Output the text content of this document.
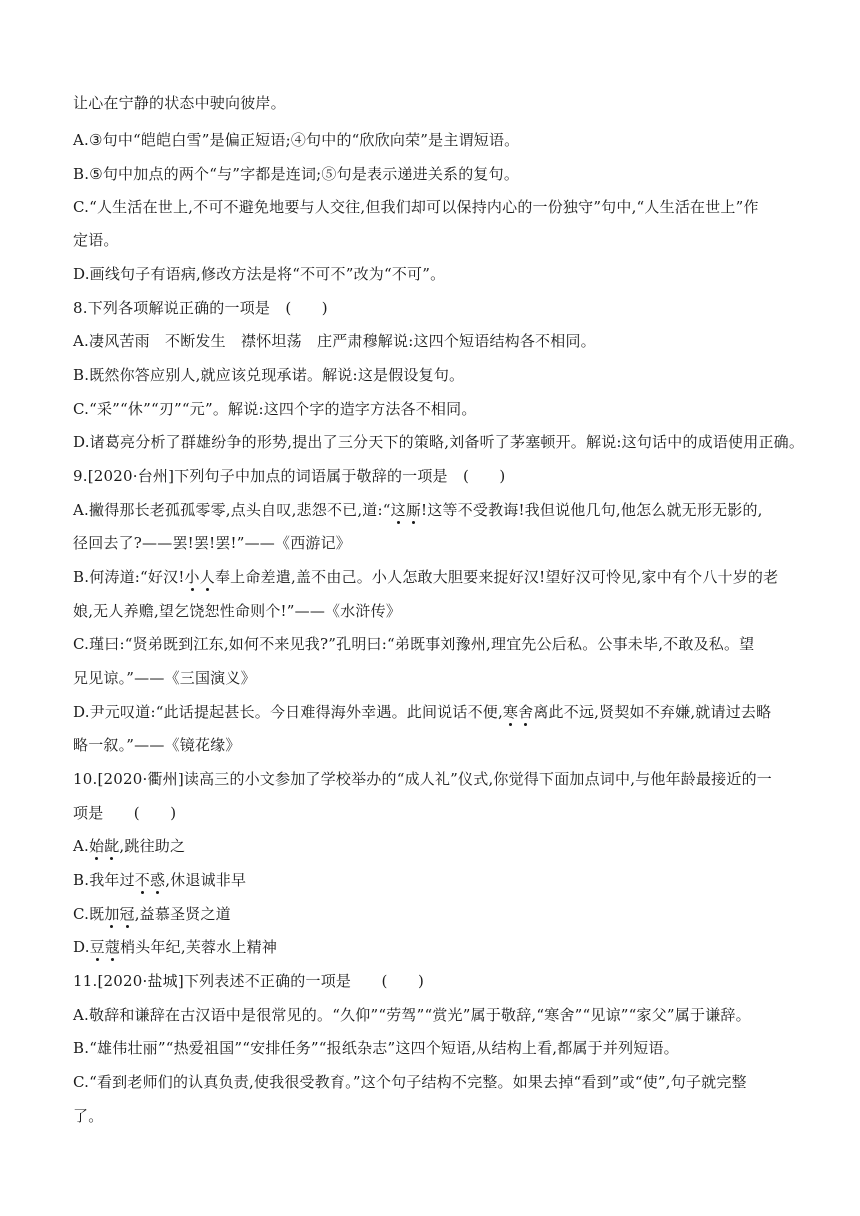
让心在宁静的状态中驶向彼岸。
A.③句中“皑皑白雪”是偏正短语;④句中的“欣欣向荣”是主谓短语。
B.⑤句中加点的两个“与”字都是连词;⑤句是表示递进关系的复句。
C.“人生活在世上,不可不避免地要与人交往,但我们却可以保持内心的一份独守”句中,“人生活在世上”作
定语。
D.画线句子有语病,修改方法是将“不可不”改为“不可”。
8.下列各项解说正确的一项是　(　　)
A.凄风苦雨　不断发生　襟怀坦荡　庄严肃穆解说:这四个短语结构各不相同。
B.既然你答应别人,就应该兑现承诺。解说:这是假设复句。
C.“采”“休”“刃”“元”。解说:这四个字的造字方法各不相同。
D.诸葛亮分析了群雄纷争的形势,提出了三分天下的策略,刘备听了茅塞顿开。解说:这句话中的成语使用正确。
9.[2020·台州]下列句子中加点的词语属于敬辞的一项是　(　　)
A.撇得那长老孤孤零零,点头自叹,悲怨不已,道:“这厮!这等不受教诲!我但说他几句,他怎么就无形无影的,
径回去了?——罢!罢!罢!”——《西游记》
B.何涛道:“好汉!小人奉上命差遣,盖不由己。小人怎敢大胆要来捉好汉!望好汉可怜见,家中有个八十岁的老
娘,无人养赡,望乞饶恕性命则个!”——《水浒传》
C.瑾曰:“贤弟既到江东,如何不来见我?”孔明曰:“弟既事刘豫州,理宜先公后私。公事未毕,不敢及私。望
兄见谅。”——《三国演义》
D.尹元叹道:“此话提起甚长。今日难得海外幸遇。此间说话不便,寒舍离此不远,贤契如不弃嫌,就请过去略
略一叙。”——《镜花缘》
10.[2020·衢州]读高三的小文参加了学校举办的“成人礼”仪式,你觉得下面加点词中,与他年龄最接近的一
项是　　(　　)
A.始龀,跳往助之
B.我年过不惑,休退诚非早
C.既加冠,益慕圣贤之道
D.豆蔻梢头年纪,芙蓉水上精神
11.[2020·盐城]下列表述不正确的一项是　　(　　)
A.敬辞和谦辞在古汉语中是很常见的。“久仰”“劳驾”“赏光”属于敬辞,“寒舍”“见谅”“家父”属于谦辞。
B.“雄伟壮丽”“热爱祖国”“安排任务”“报纸杂志”这四个短语,从结构上看,都属于并列短语。
C.“看到老师们的认真负责,使我很受教育。”这个句子结构不完整。如果去掉“看到”或“使”,句子就完整
了。
